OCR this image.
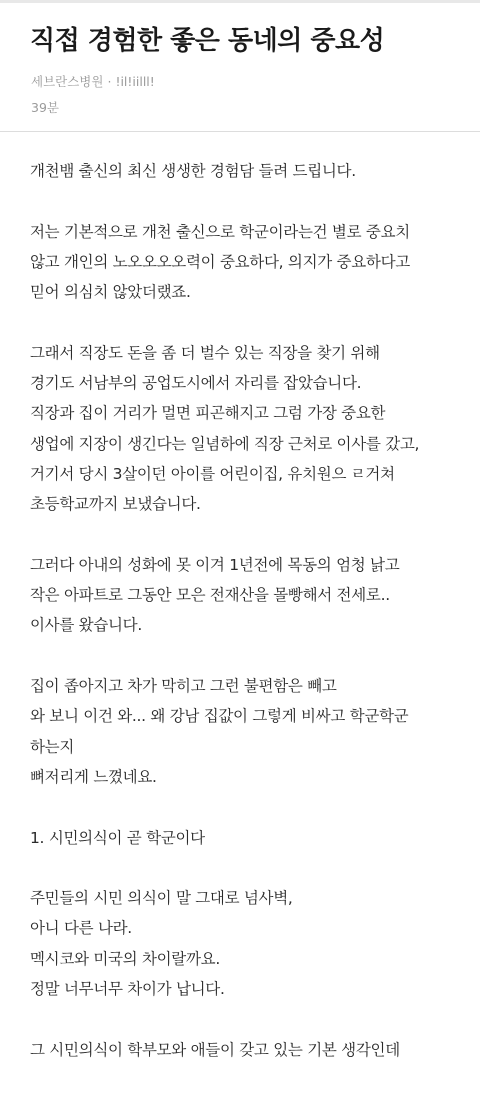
직접 경험한 좋은 동네의 중요성
세브란스병원 · !il!iilll!
39분
개천뱀 출신의 최신 생생한 경험담 들려 드립니다.
저는 기본적으로 개천 출신으로 학군이라는건 별로 중요치
않고 개인의 노오오오오력이 중요하다, 의지가 중요하다고
믿어 의심치 않았더랬죠.
그래서 직장도 돈을 좀 더 벌수 있는 직장을 찾기 위해
경기도 서남부의 공업도시에서 자리를 잡았습니다.
직장과 집이 거리가 멀면 피곤해지고 그럼 가장 중요한
생업에 지장이 생긴다는 일념하에 직장 근처로 이사를 갔고,
거기서 당시 3살이던 아이를 어린이집, 유치원으 ㄹ거쳐
초등학교까지 보냈습니다.
그러다 아내의 성화에 못 이겨 1년전에 목동의 엄청 낡고
작은 아파트로 그동안 모은 전재산을 몰빵해서 전세로..
이사를 왔습니다.
집이 좁아지고 차가 막히고 그런 불편함은 빼고
와 보니 이건 와... 왜 강남 집값이 그렇게 비싸고 학군학군
하는지
뼈저리게 느꼈네요.
1. 시민의식이 곧 학군이다
주민들의 시민 의식이 말 그대로 넘사벽,
아니 다른 나라.
멕시코와 미국의 차이랄까요.
정말 너무너무 차이가 납니다.
그 시민의식이 학부모와 애들이 갖고 있는 기본 생각인데
